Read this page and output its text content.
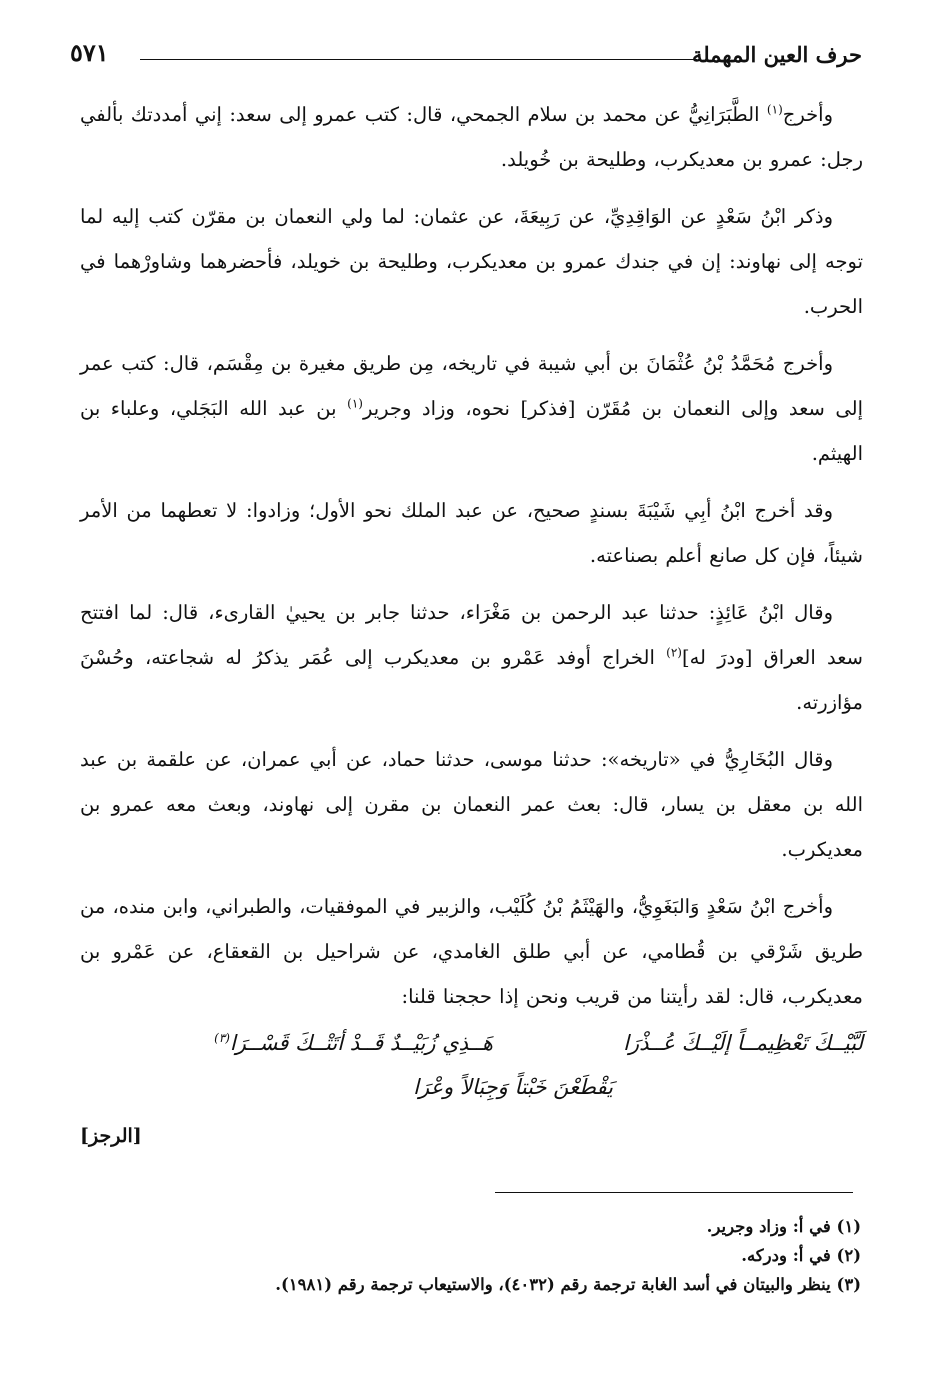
حرف العين المهملة
٥٧١

وأخرج$^{(١)}$ الطَّبَرَانِيُّ عن محمد بن سلام الجمحي، قال: كتب عمرو إلى سعد: إني أمددتك بألفي رجل: عمرو بن معديكرب، وطليحة بن خُويلد.

وذكر ابْنُ سَعْدٍ عن الوَاقِدِيِّ، عن رَبِيعَةَ، عن عثمان: لما ولي النعمان بن مقرّن كتب إليه لما توجه إلى نهاوند: إن في جندك عمرو بن معديكرب، وطليحة بن خويلد، فأحضرهما وشاورْهما في الحرب.

وأخرج مُحَمَّدُ بْنُ عُثْمَانَ بن أبي شيبة في تاريخه، مِن طريق مغيرة بن مِقْسَم، قال: كتب عمر إلى سعد وإلى النعمان بن مُقَرّن [فذكر] نحوه، وزاد وجرير$^{(١)}$ بن عبد الله البَجَلي، وعلباء بن الهيثم.

وقد أخرج ابْنُ أبِي شَيْبَةَ بسندٍ صحيح، عن عبد الملك نحو الأول؛ وزادوا: لا تعطهما من الأمر شيئاً، فإن كل صانع أعلم بصناعته.

وقال ابْنُ عَائِذٍ: حدثنا عبد الرحمن بن مَغْرَاء، حدثنا جابر بن يحييٰ القارىء، قال: لما افتتح سعد العراق [ودرَ له]$^{(٢)}$ الخراج أوفد عَمْرو بن معديكرب إلى عُمَر يذكرُ له شجاعته، وحُسْنَ مؤازرته.

وقال البُخَارِيُّ في «تاريخه»: حدثنا موسى، حدثنا حماد، عن أبي عمران، عن علقمة بن عبد الله بن معقل بن يسار، قال: بعث عمر النعمان بن مقرن إلى نهاوند، وبعث معه عمرو بن معديكرب.

وأخرج ابْنُ سَعْدٍ وَالبَغَوِيُّ، والهَيْثَمُ بْنُ كُلَيْب، والزبير في الموفقيات، والطبراني، وابن منده، من طريق شَرْقي بن قُطامي، عن أبي طلق الغامدي، عن شراحيل بن القعقاع، عن عَمْرو بن معديكرب، قال: لقد رأيتنا من قريب ونحن إذا حججنا قلنا:

لَبَّيْــكَ تَعْظِيمــاً إلَيْــكَ عُــذْرَا
هَــذِي زُبَيْــدٌ قَــدْ أتَتْــكَ قَسْــرَا$^{(٣)}$
يَقْطَعْنَ خَبْتاً وَجِبَالاً وعْرَا
[الرجز]
(١) في أ: وزاد وجرير.
(٢) في أ: ودركه.
(٣) ينظر والبيتان في أسد الغابة ترجمة رقم (٤٠٣٢)، والاستيعاب ترجمة رقم (١٩٨١).
